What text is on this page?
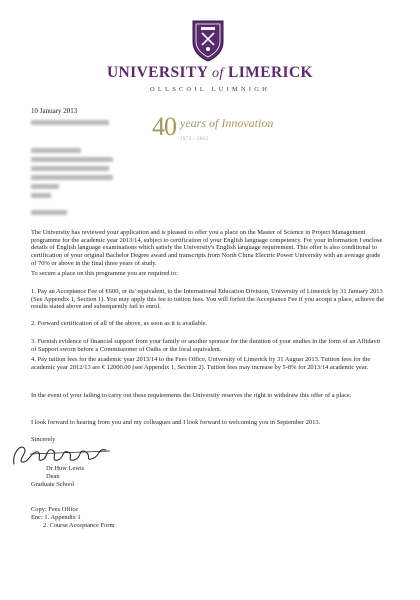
UNIVERSITY of LIMERICK
OLLSCOIL LUIMNIGH
10 January 2013
40 $^{years of Innovation}$
1972 - 2012
The University has reviewed your application and is pleased to offer you a place on the Master of Science in Project Management programme for the academic year 2013/14, subject to certification of your English language competency. For your information I enclose details of English language examinations which satisfy the University's English language requirement. This offer is also conditional to certification of your original Bachelor Degree award and transcripts from North China Electric Power University with an average grade of 70% or above in the final three years of study.
To secure a place on this programme you are required to:
1. Pay an Acceptance Fee of €600, or its' equivalent, to the International Education Division, University of Limerick by 31 January 2013 (See Appendix 1, Section 1). You may apply this fee to tuition fees. You will forfeit the Acceptance Fee if you accept a place, achieve the results stated above and subsequently fail to enrol.
2. Forward certification of all of the above, as soon as it is available.
3. Furnish evidence of financial support from your family or another sponsor for the duration of your studies in the form of an Affidavit of Support sworn before a Commissioner of Oaths or the local equivalent.
4. Pay tuition fees for the academic year 2013/14 to the Fees Office, University of Limerick by 31 August 2013. Tuition fees for the academic year 2012/13 are € 12000.00 (see Appendix 1, Section 2). Tuition fees may increase by 5-8% for 2013/14 academic year.
In the event of your failing to carry out these requirements the University reserves the right to withdraw this offer of a place.
I look forward to hearing from you and my colleagues and I look forward to welcoming you in September 2013.
Sincerely
Dr Huw Lewis
Dean
Graduate School
Copy: Fees Office
Enc: 1. Appendix 1
2. Course Acceptance Form
